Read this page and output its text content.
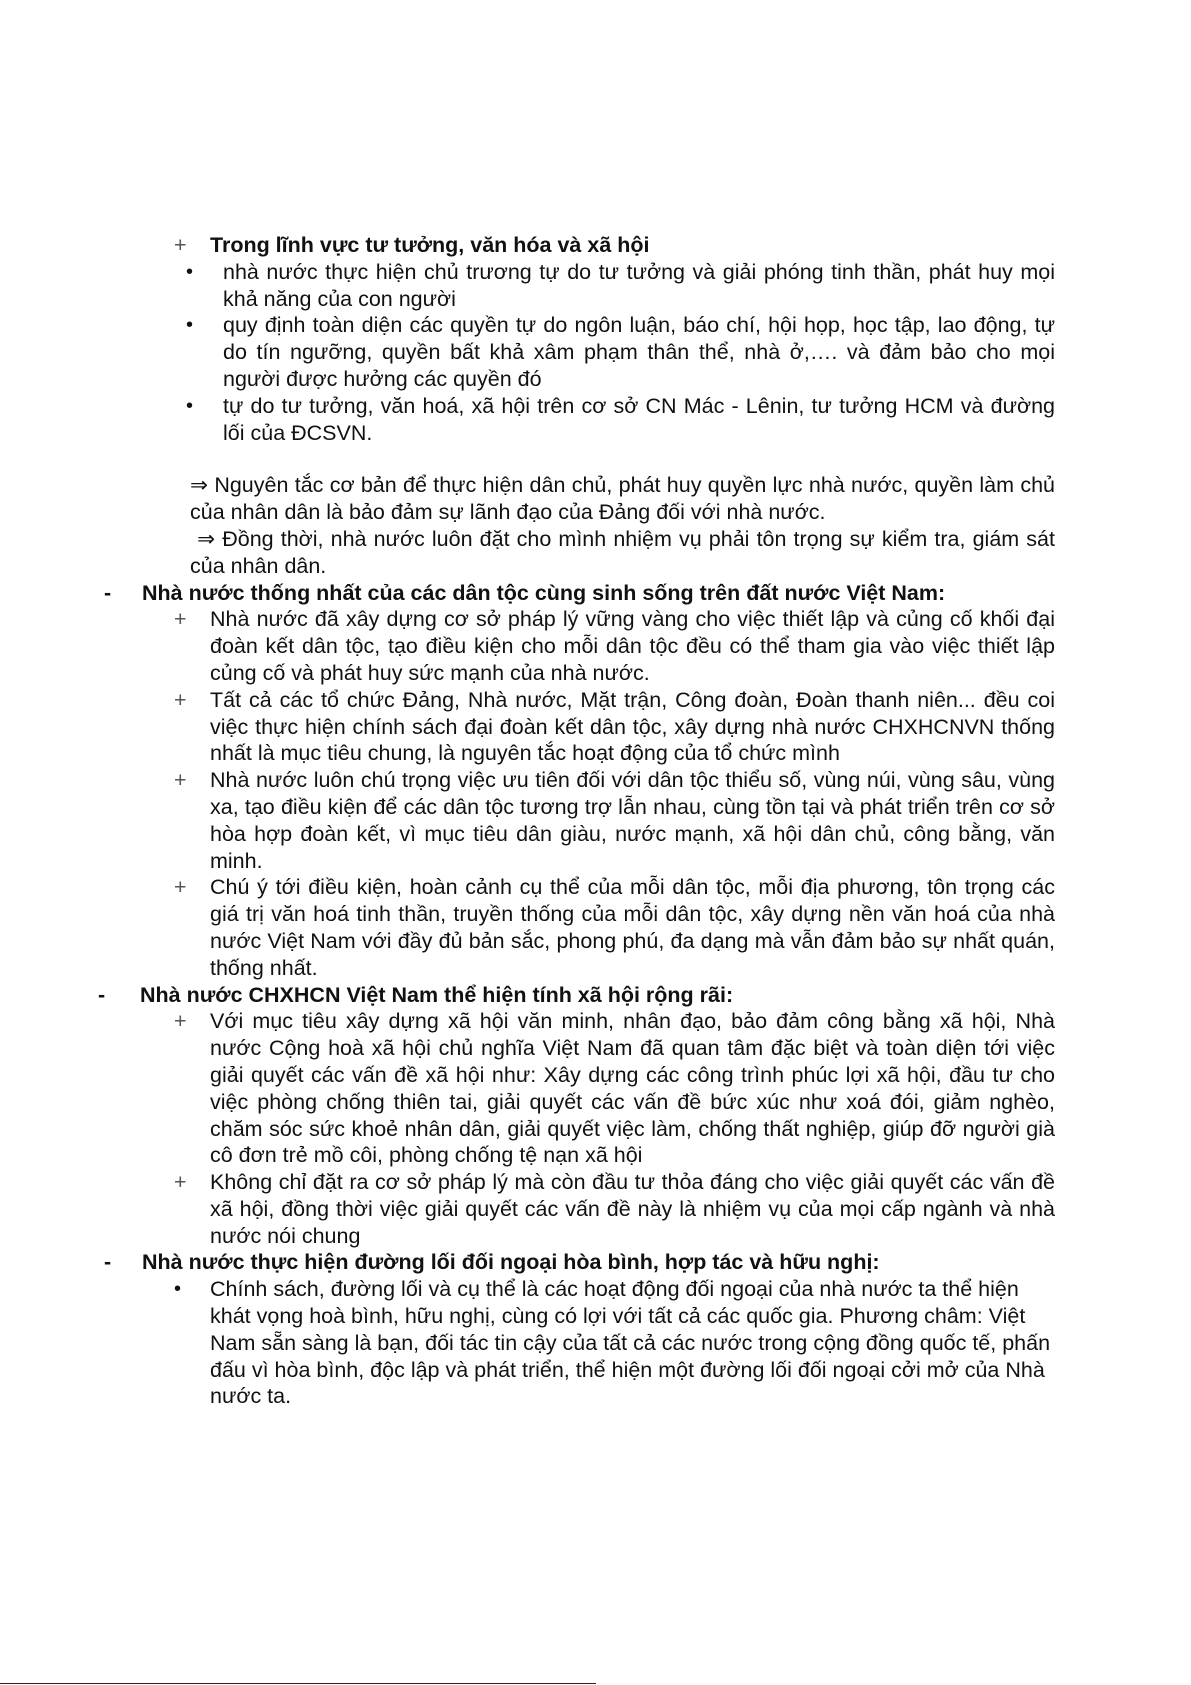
+ Trong lĩnh vực tư tưởng, văn hóa và xã hội
• nhà nước thực hiện chủ trương tự do tư tưởng và giải phóng tinh thần, phát huy mọi khả năng của con người
• quy định toàn diện các quyền tự do ngôn luận, báo chí, hội họp, học tập, lao động, tự do tín ngưỡng, quyền bất khả xâm phạm thân thể, nhà ở,…. và đảm bảo cho mọi người được hưởng các quyền đó
• tự do tư tưởng, văn hoá, xã hội trên cơ sở CN Mác - Lênin, tư tưởng HCM và đường lối của ĐCSVN.
⇒ Nguyên tắc cơ bản để thực hiện dân chủ, phát huy quyền lực nhà nước, quyền làm chủ của nhân dân là bảo đảm sự lãnh đạo của Đảng đối với nhà nước.
⇒ Đồng thời, nhà nước luôn đặt cho mình nhiệm vụ phải tôn trọng sự kiểm tra, giám sát của nhân dân.
- Nhà nước thống nhất của các dân tộc cùng sinh sống trên đất nước Việt Nam:
+ Nhà nước đã xây dựng cơ sở pháp lý vững vàng cho việc thiết lập và củng cố khối đại đoàn kết dân tộc, tạo điều kiện cho mỗi dân tộc đều có thể tham gia vào việc thiết lập củng cố và phát huy sức mạnh của nhà nước.
+ Tất cả các tổ chức Đảng, Nhà nước, Mặt trận, Công đoàn, Đoàn thanh niên... đều coi việc thực hiện chính sách đại đoàn kết dân tộc, xây dựng nhà nước CHXHCNVN thống nhất là mục tiêu chung, là nguyên tắc hoạt động của tổ chức mình
+ Nhà nước luôn chú trọng việc ưu tiên đối với dân tộc thiểu số, vùng núi, vùng sâu, vùng xa, tạo điều kiện để các dân tộc tương trợ lẫn nhau, cùng tồn tại và phát triển trên cơ sở hòa hợp đoàn kết, vì mục tiêu dân giàu, nước mạnh, xã hội dân chủ, công bằng, văn minh.
+ Chú ý tới điều kiện, hoàn cảnh cụ thể của mỗi dân tộc, mỗi địa phương, tôn trọng các giá trị văn hoá tinh thần, truyền thống của mỗi dân tộc, xây dựng nền văn hoá của nhà nước Việt Nam với đầy đủ bản sắc, phong phú, đa dạng mà vẫn đảm bảo sự nhất quán, thống nhất.
- Nhà nước CHXHCN Việt Nam thể hiện tính xã hội rộng rãi:
+ Với mục tiêu xây dựng xã hội văn minh, nhân đạo, bảo đảm công bằng xã hội, Nhà nước Cộng hoà xã hội chủ nghĩa Việt Nam đã quan tâm đặc biệt và toàn diện tới việc giải quyết các vấn đề xã hội như: Xây dựng các công trình phúc lợi xã hội, đầu tư cho việc phòng chống thiên tai, giải quyết các vấn đề bức xúc như xoá đói, giảm nghèo, chăm sóc sức khoẻ nhân dân, giải quyết việc làm, chống thất nghiệp, giúp đỡ người già cô đơn trẻ mồ côi, phòng chống tệ nạn xã hội
+ Không chỉ đặt ra cơ sở pháp lý mà còn đầu tư thỏa đáng cho việc giải quyết các vấn đề xã hội, đồng thời việc giải quyết các vấn đề này là nhiệm vụ của mọi cấp ngành và nhà nước nói chung
- Nhà nước thực hiện đường lối đối ngoại hòa bình, hợp tác và hữu nghị:
• Chính sách, đường lối và cụ thể là các hoạt động đối ngoại của nhà nước ta thể hiện khát vọng hoà bình, hữu nghị, cùng có lợi với tất cả các quốc gia. Phương châm: Việt Nam sẵn sàng là bạn, đối tác tin cậy của tất cả các nước trong cộng đồng quốc tế, phấn đấu vì hòa bình, độc lập và phát triển, thể hiện một đường lối đối ngoại cởi mở của Nhà nước ta.
